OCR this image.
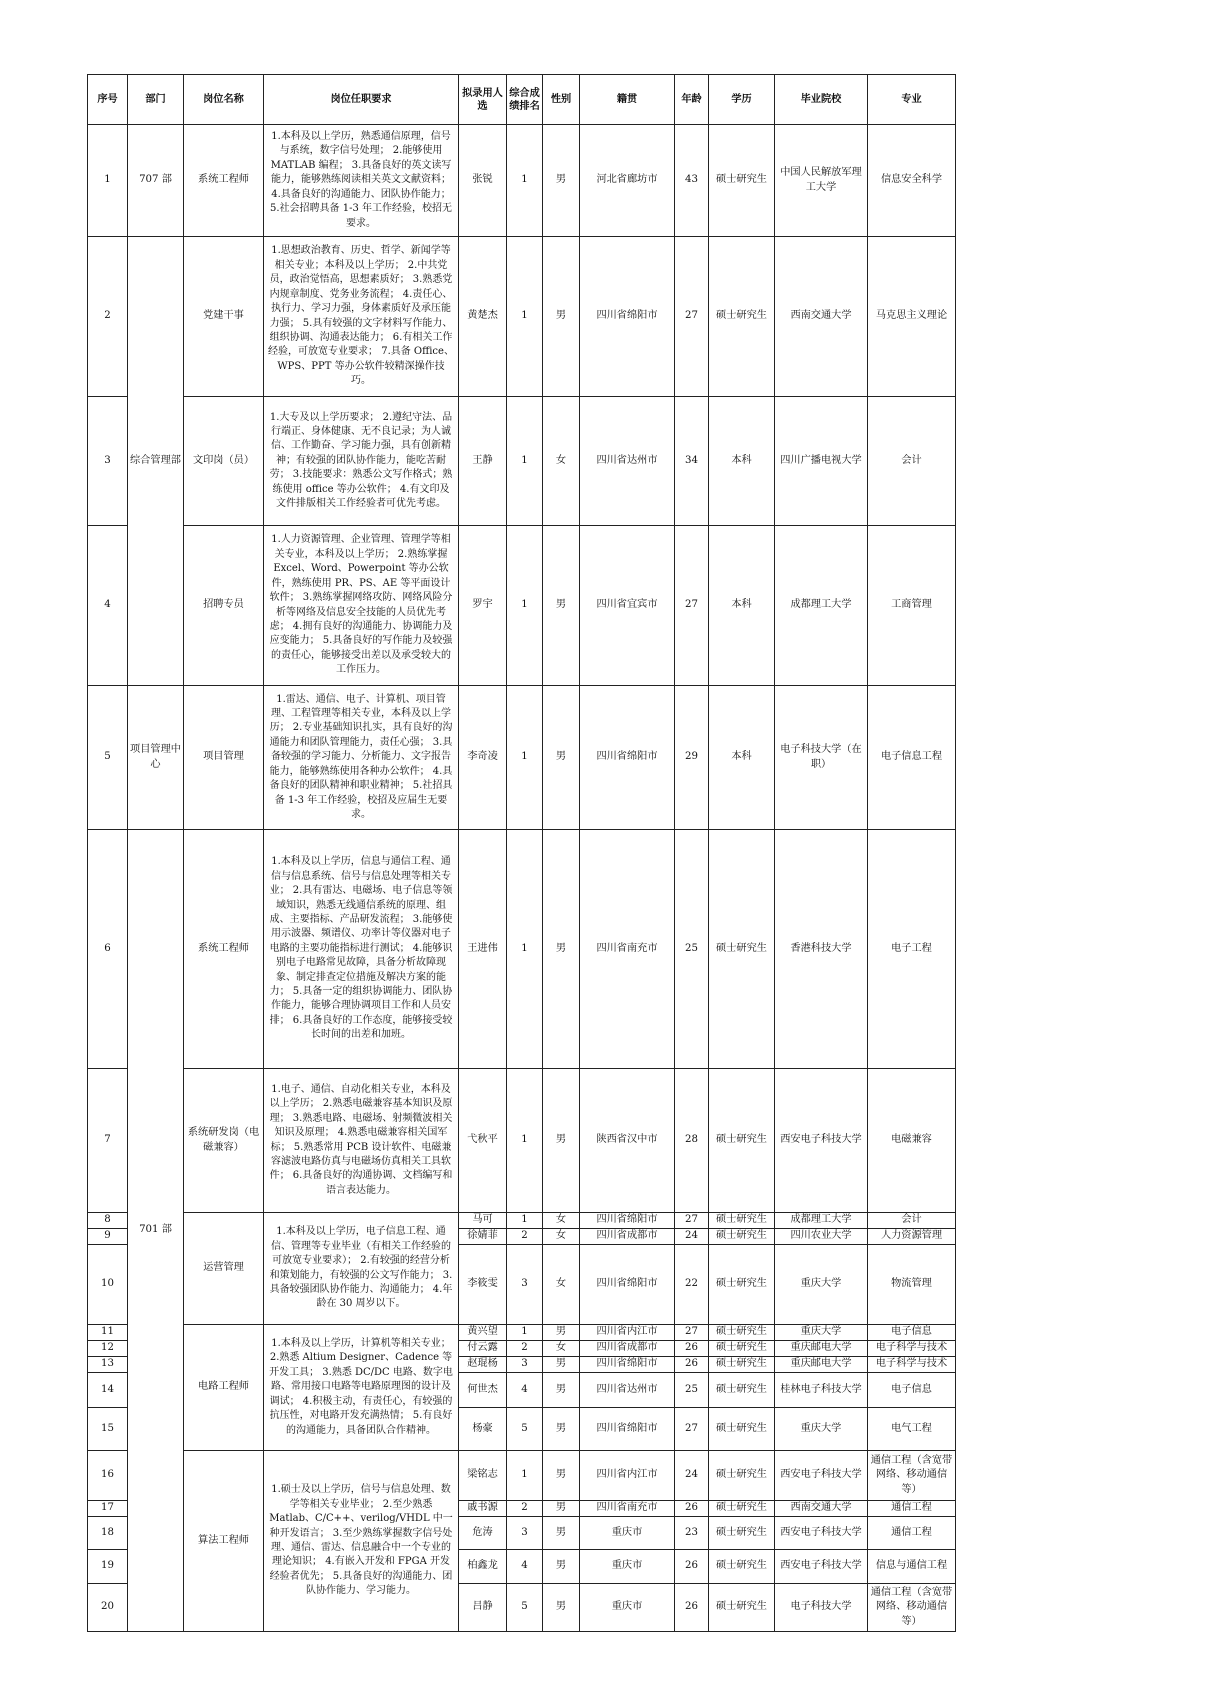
序号	部门	岗位名称	岗位任职要求	拟录用人选	综合成绩排名	性别	籍贯	年龄	学历	毕业院校	专业
1	707 部	系统工程师	1.本科及以上学历，熟悉通信原理，信号与系统，数字信号处理； 2.能够使用 MATLAB 编程； 3.具备良好的英文读写能力，能够熟练阅读相关英文文献资料； 4.具备良好的沟通能力、团队协作能力； 5.社会招聘具备 1-3 年工作经验，校招无要求。	张锐	1	男	河北省廊坊市	43	硕士研究生	中国人民解放军理工大学	信息安全科学
2	综合管理部	党建干事	1.思想政治教育、历史、哲学、新闻学等相关专业；本科及以上学历； 2.中共党员，政治觉悟高，思想素质好； 3.熟悉党内规章制度、党务业务流程； 4.责任心、执行力、学习力强，身体素质好及承压能力强； 5.具有较强的文字材料写作能力、组织协调、沟通表达能力； 6.有相关工作经验，可放宽专业要求； 7.具备 Office、WPS、PPT 等办公软件较精深操作技巧。	黄楚杰	1	男	四川省绵阳市	27	硕士研究生	西南交通大学	马克思主义理论
3		文印岗（员）	1.大专及以上学历要求； 2.遵纪守法、品行端正、身体健康、无不良记录；为人诚信、工作勤奋、学习能力强，具有创新精神；有较强的团队协作能力，能吃苦耐劳； 3.技能要求：熟悉公文写作格式；熟练使用 office 等办公软件； 4.有文印及文件排版相关工作经验者可优先考虑。	王静	1	女	四川省达州市	34	本科	四川广播电视大学	会计
4		招聘专员	1.人力资源管理、企业管理、管理学等相关专业，本科及以上学历； 2.熟练掌握 Excel、Word、Powerpoint 等办公软件，熟练使用 PR、PS、AE 等平面设计软件； 3.熟练掌握网络攻防、网络风险分析等网络及信息安全技能的人员优先考虑； 4.拥有良好的沟通能力、协调能力及应变能力； 5.具备良好的写作能力及较强的责任心，能够接受出差以及承受较大的工作压力。	罗宇	1	男	四川省宜宾市	27	本科	成都理工大学	工商管理
5	项目管理中心	项目管理	1.雷达、通信、电子、计算机、项目管理、工程管理等相关专业，本科及以上学历； 2.专业基础知识扎实，具有良好的沟通能力和团队管理能力，责任心强； 3.具备较强的学习能力、分析能力、文字报告能力，能够熟练使用各种办公软件； 4.具备良好的团队精神和职业精神； 5.社招具备 1-3 年工作经验，校招及应届生无要求。	李奇凌	1	男	四川省绵阳市	29	本科	电子科技大学（在职）	电子信息工程
6	701 部	系统工程师	1.本科及以上学历，信息与通信工程、通信与信息系统、信号与信息处理等相关专业； 2.具有雷达、电磁场、电子信息等领域知识，熟悉无线通信系统的原理、组成、主要指标、产品研发流程； 3.能够使用示波器、频谱仪、功率计等仪器对电子电路的主要功能指标进行测试； 4.能够识别电子电路常见故障，具备分析故障现象、制定排查定位措施及解决方案的能力； 5.具备一定的组织协调能力、团队协作能力，能够合理协调项目工作和人员安排； 6.具备良好的工作态度，能够接受较长时间的出差和加班。	王进伟	1	男	四川省南充市	25	硕士研究生	香港科技大学	电子工程
7		系统研发岗（电磁兼容）	1.电子、通信、自动化相关专业，本科及以上学历； 2.熟悉电磁兼容基本知识及原理； 3.熟悉电路、电磁场、射频微波相关知识及原理； 4.熟悉电磁兼容相关国军标； 5.熟悉常用 PCB 设计软件、电磁兼容滤波电路仿真与电磁场仿真相关工具软件； 6.具备良好的沟通协调、文档编写和语言表达能力。	弋秋平	1	男	陕西省汉中市	28	硕士研究生	西安电子科技大学	电磁兼容
8		运营管理	1.本科及以上学历，电子信息工程、通信、管理等专业毕业（有相关工作经验的可放宽专业要求）； 2.有较强的经营分析和策划能力，有较强的公文写作能力； 3.具备较强团队协作能力、沟通能力； 4.年龄在 30 周岁以下。	马可	1	女	四川省绵阳市	27	硕士研究生	成都理工大学	会计
9				徐婧菲	2	女	四川省成都市	24	硕士研究生	四川农业大学	人力资源管理
10				李筱雯	3	女	四川省绵阳市	22	硕士研究生	重庆大学	物流管理
11		电路工程师	1.本科及以上学历，计算机等相关专业； 2.熟悉 Altium Designer、Cadence 等开发工具； 3.熟悉 DC/DC 电路、数字电路、常用接口电路等电路原理图的设计及调试； 4.积极主动，有责任心，有较强的抗压性，对电路开发充满热情； 5.有良好的沟通能力，具备团队合作精神。	黄兴望	1	男	四川省内江市	27	硕士研究生	重庆大学	电子信息
12				付云露	2	女	四川省成都市	26	硕士研究生	重庆邮电大学	电子科学与技术
13				赵琨杨	3	男	四川省绵阳市	26	硕士研究生	重庆邮电大学	电子科学与技术
14				何世杰	4	男	四川省达州市	25	硕士研究生	桂林电子科技大学	电子信息
15				杨豪	5	男	四川省绵阳市	27	硕士研究生	重庆大学	电气工程
16		算法工程师	1.硕士及以上学历，信号与信息处理、数学等相关专业毕业； 2.至少熟悉 Matlab、C/C++、verilog/VHDL 中一种开发语言； 3.至少熟练掌握数字信号处理、通信、雷达、信息融合中一个专业的理论知识； 4.有嵌入开发和 FPGA 开发经验者优先； 5.具备良好的沟通能力、团队协作能力、学习能力。	梁铭志	1	男	四川省内江市	24	硕士研究生	西安电子科技大学	通信工程（含宽带网络、移动通信等）
17				戚书源	2	男	四川省南充市	26	硕士研究生	西南交通大学	通信工程
18				危涛	3	男	重庆市	23	硕士研究生	西安电子科技大学	通信工程
19				柏鑫龙	4	男	重庆市	26	硕士研究生	西安电子科技大学	信息与通信工程
20				吕静	5	男	重庆市	26	硕士研究生	电子科技大学	通信工程（含宽带网络、移动通信等）
